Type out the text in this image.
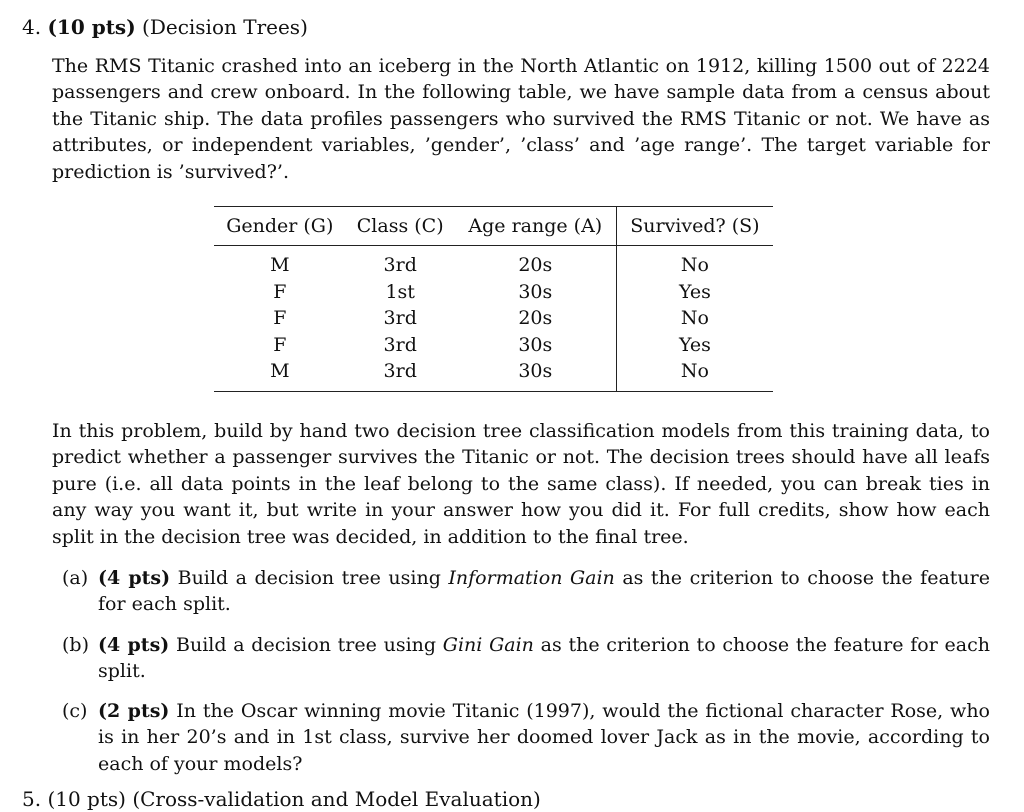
4. (10 pts) (Decision Trees)

The RMS Titanic crashed into an iceberg in the North Atlantic on 1912, killing 1500 out of 2224 passengers and crew onboard. In the following table, we have sample data from a census about the Titanic ship. The data profiles passengers who survived the RMS Titanic or not. We have as attributes, or independent variables, ’gender’, ’class’ and ’age range’. The target variable for prediction is ’survived?’.

Gender (G)	Class (C)	Age range (A)	Survived? (S)
M	3rd	20s	No
F	1st	30s	Yes
F	3rd	20s	No
F	3rd	30s	Yes
M	3rd	30s	No

In this problem, build by hand two decision tree classification models from this training data, to predict whether a passenger survives the Titanic or not. The decision trees should have all leafs pure (i.e. all data points in the leaf belong to the same class). If needed, you can break ties in any way you want it, but write in your answer how you did it. For full credits, show how each split in the decision tree was decided, in addition to the final tree.

(a) (4 pts) Build a decision tree using Information Gain as the criterion to choose the feature for each split.
(b) (4 pts) Build a decision tree using Gini Gain as the criterion to choose the feature for each split.
(c) (2 pts) In the Oscar winning movie Titanic (1997), would the fictional character Rose, who is in her 20’s and in 1st class, survive her doomed lover Jack as in the movie, according to each of your models?
5. (10 pts) (Cross-validation and Model Evaluation)
